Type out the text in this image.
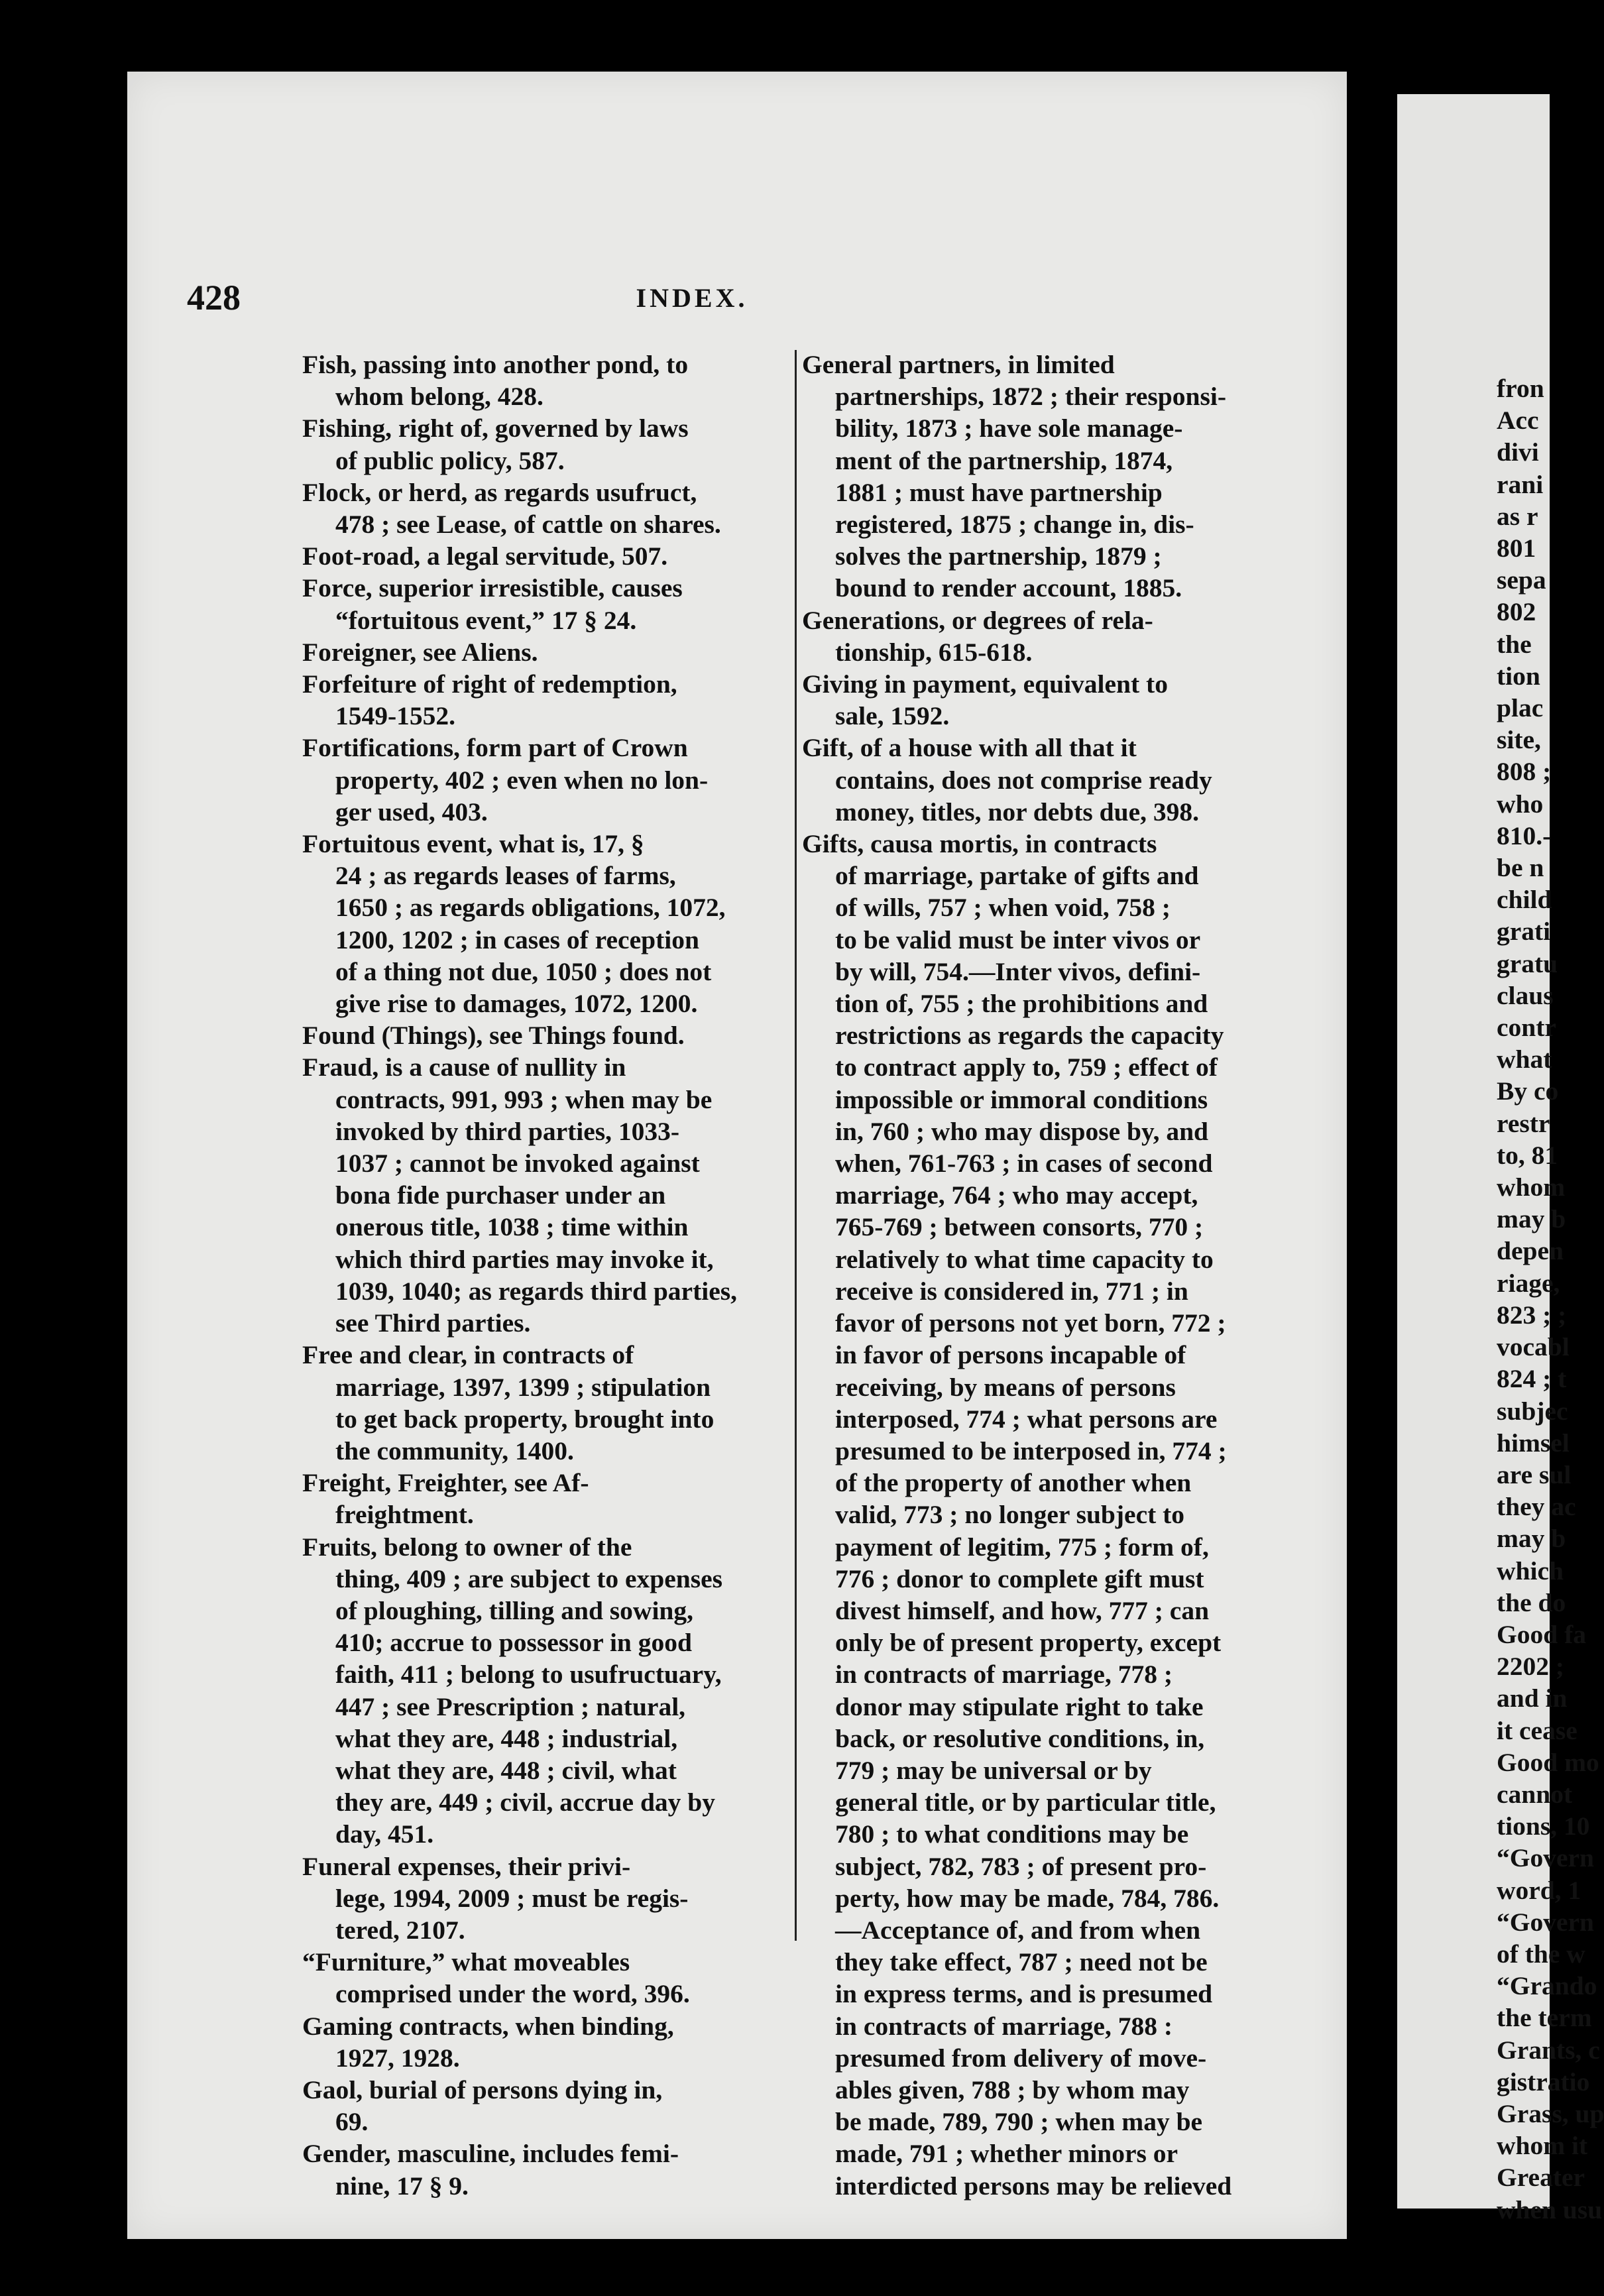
fron
Acc
divi
rani
as r
801
sepa
802
the
tion
plac
site,
808 ;
who
810.-
be n
child
grati
gratu
claus
contr
what
By co
restr
to, 81
whom
may b
depen
riage,
823 ; ;
vocabl
824 ; t
subjec
himsel
are sul
they ac
may b
which
the do
Good fa
2202 ;
and in
it cease
Good mo
cannot
tions, 10
“Govern
word, 1
“Govern
of the w
“Grando
the term
Grants, c
gistratio
Grass, up
whom it
Greater
when usu
428	INDEX.
Fish, passing into another pond, to
whom belong, 428.
Fishing, right of, governed by laws
of public policy, 587.
Flock, or herd, as regards usufruct,
478 ; see Lease, of cattle on shares.
Foot-road, a legal servitude, 507.
Force, superior irresistible, causes
“fortuitous event,” 17 § 24.
Foreigner, see Aliens.
Forfeiture of right of redemption,
1549-1552.
Fortifications, form part of Crown
property, 402 ; even when no lon-
ger used, 403.
Fortuitous event, what is, 17, §
24 ; as regards leases of farms,
1650 ; as regards obligations, 1072,
1200, 1202 ; in cases of reception
of a thing not due, 1050 ; does not
give rise to damages, 1072, 1200.
Found (Things), see Things found.
Fraud, is a cause of nullity in
contracts, 991, 993 ; when may be
invoked by third parties, 1033-
1037 ; cannot be invoked against
bona fide purchaser under an
onerous title, 1038 ; time within
which third parties may invoke it,
1039, 1040; as regards third parties,
see Third parties.
Free and clear, in contracts of
marriage, 1397, 1399 ; stipulation
to get back property, brought into
the community, 1400.
Freight, Freighter, see Af-
freightment.
Fruits, belong to owner of the
thing, 409 ; are subject to expenses
of ploughing, tilling and sowing,
410; accrue to possessor in good
faith, 411 ; belong to usufructuary,
447 ; see Prescription ; natural,
what they are, 448 ; industrial,
what they are, 448 ; civil, what
they are, 449 ; civil, accrue day by
day, 451.
Funeral expenses, their privi-
lege, 1994, 2009 ; must be regis-
tered, 2107.
“Furniture,” what moveables
comprised under the word, 396.
Gaming contracts, when binding,
1927, 1928.
Gaol, burial of persons dying in,
69.
Gender, masculine, includes femi-
nine, 17 § 9.
General partners, in limited
partnerships, 1872 ; their responsi-
bility, 1873 ; have sole manage-
ment of the partnership, 1874,
1881 ; must have partnership
registered, 1875 ; change in, dis-
solves the partnership, 1879 ;
bound to render account, 1885.
Generations, or degrees of rela-
tionship, 615-618.
Giving in payment, equivalent to
sale, 1592.
Gift, of a house with all that it
contains, does not comprise ready
money, titles, nor debts due, 398.
Gifts, causa mortis, in contracts
of marriage, partake of gifts and
of wills, 757 ; when void, 758 ;
to be valid must be inter vivos or
by will, 754.—Inter vivos, defini-
tion of, 755 ; the prohibitions and
restrictions as regards the capacity
to contract apply to, 759 ; effect of
impossible or immoral conditions
in, 760 ; who may dispose by, and
when, 761-763 ; in cases of second
marriage, 764 ; who may accept,
765-769 ; between consorts, 770 ;
relatively to what time capacity to
receive is considered in, 771 ; in
favor of persons not yet born, 772 ;
in favor of persons incapable of
receiving, by means of persons
interposed, 774 ; what persons are
presumed to be interposed in, 774 ;
of the property of another when
valid, 773 ; no longer subject to
payment of legitim, 775 ; form of,
776 ; donor to complete gift must
divest himself, and how, 777 ; can
only be of present property, except
in contracts of marriage, 778 ;
donor may stipulate right to take
back, or resolutive conditions, in,
779 ; may be universal or by
general title, or by particular title,
780 ; to what conditions may be
subject, 782, 783 ; of present pro-
perty, how may be made, 784, 786.
—Acceptance of, and from when
they take effect, 787 ; need not be
in express terms, and is presumed
in contracts of marriage, 788 :
presumed from delivery of move-
ables given, 788 ; by whom may
be made, 789, 790 ; when may be
made, 791 ; whether minors or
interdicted persons may be relieved
